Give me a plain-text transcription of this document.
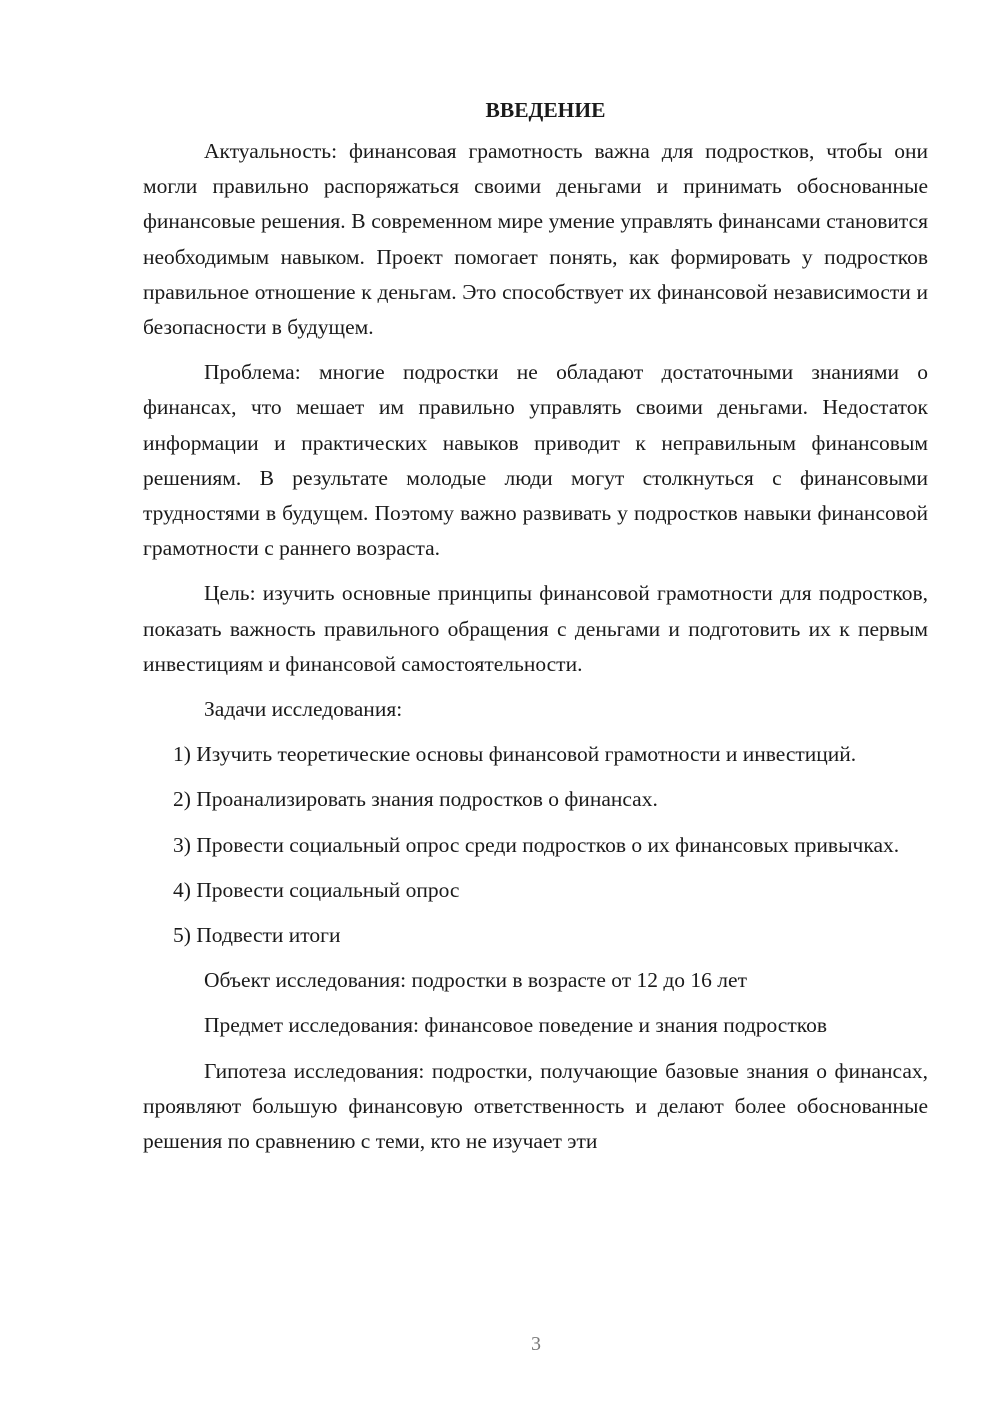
ВВЕДЕНИЕ

Актуальность: финансовая грамотность важна для подростков, чтобы они могли правильно распоряжаться своими деньгами и принимать обоснованные финансовые решения. В современном мире умение управлять финансами становится необходимым навыком. Проект помогает понять, как формировать у подростков правильное отношение к деньгам. Это способствует их финансовой независимости и безопасности в будущем.

Проблема: многие подростки не обладают достаточными знаниями о финансах, что мешает им правильно управлять своими деньгами. Недостаток информации и практических навыков приводит к неправильным финансовым решениям. В результате молодые люди могут столкнуться с финансовыми трудностями в будущем. Поэтому важно развивать у подростков навыки финансовой грамотности с раннего возраста.

Цель: изучить основные принципы финансовой грамотности для подростков, показать важность правильного обращения с деньгами и подготовить их к первым инвестициям и финансовой самостоятельности.

Задачи исследования:

1) Изучить теоретические основы финансовой грамотности и инвестиций.

2) Проанализировать знания подростков о финансах.

3) Провести социальный опрос среди подростков о их финансовых привычках.

4) Провести социальный опрос

5) Подвести итоги

Объект исследования: подростки в возрасте от 12 до 16 лет

Предмет исследования: финансовое поведение и знания подростков

Гипотеза исследования: подростки, получающие базовые знания о финансах, проявляют большую финансовую ответственность и делают более обоснованные решения по сравнению с теми, кто не изучает эти

3
